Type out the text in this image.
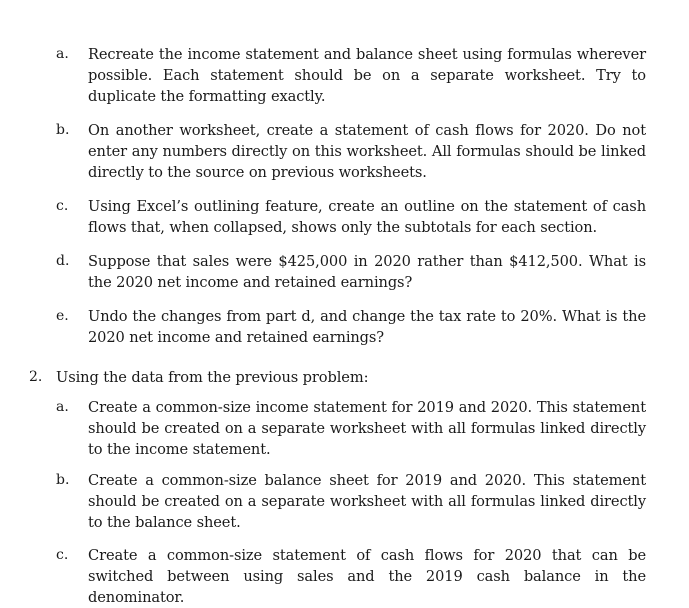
a. Recreate the income statement and balance sheet using formulas wherever possible. Each statement should be on a separate worksheet. Try to duplicate the formatting exactly.
b. On another worksheet, create a statement of cash flows for 2020. Do not enter any numbers directly on this worksheet. All formulas should be linked directly to the source on previous worksheets.
c. Using Excel’s outlining feature, create an outline on the statement of cash flows that, when collapsed, shows only the subtotals for each section.
d. Suppose that sales were $425,000 in 2020 rather than $412,500. What is the 2020 net income and retained earnings?
e. Undo the changes from part d, and change the tax rate to 20%. What is the 2020 net income and retained earnings?
2. Using the data from the previous problem:
a. Create a common-size income statement for 2019 and 2020. This statement should be created on a separate worksheet with all formulas linked directly to the income statement.
b. Create a common-size balance sheet for 2019 and 2020. This statement should be created on a separate worksheet with all formulas linked directly to the balance sheet.
c. Create a common-size statement of cash flows for 2020 that can be switched between using sales and the 2019 cash balance in the denominator.
